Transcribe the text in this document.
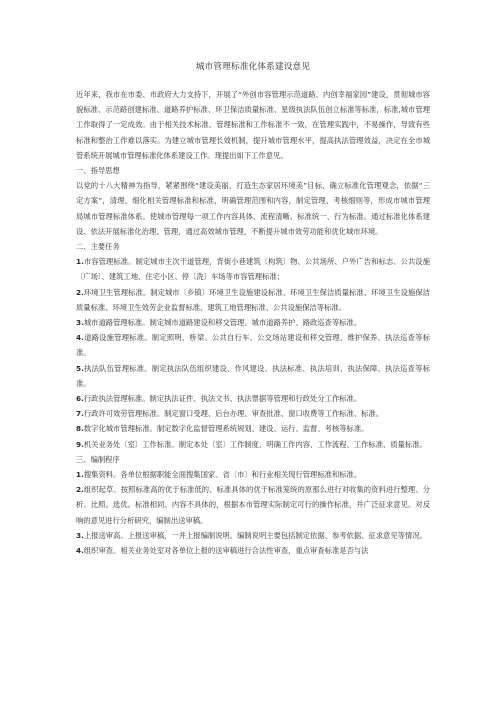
城市管理标准化体系建设意见

近年来，我市在市委、市政府大力支持下，开展了“外创市容管理示范道路、内创幸福家园”建设，贯彻城市容貌标准、示范路创建标准、道路养护标准、环卫保洁质量标准、星级执法队伍创立标准等标准，标准,城市管理工作取得了一定成效。由于相关技术标准、管理标准和工作标准不一致，在管理实践中，不易操作，导致有些标准和整治工作难以落实。为建立城市管理长效机制，提升城市管理水平，提高执法管理效益，决定在全市城管系统开展城市管理标准化体系建设工作。现提出如下工作意见。

一、指导思想

以党的十八大精神为指导，紧紧围绕“建设美丽、打造生态家居环境美”目标，确立标准化管理观念，依据“三定方案”，清理、细化相关管理标准和标准，明确管理范围和内容，制定管理、考核细则等，形成市城市管理局城市管理标准体系。使城市管理每一项工作内容具体、流程清晰、标准统一、行为标准。通过标准化体系建设、依法开展标准化治理、管理，通过高效城市管理，不断提升城市效劳功能和优化城市环境。

二、主要任务

1.市容管理标准。制定城市主次干道管理，背街小巷建筑〔构筑〕物、公共场所、户外广告和标志、公共设施〔广场〕、建筑工地、住宅小区、停〔洗〕车场等市容管理标准；

2.环境卫生管理标准。制定城市〔乡镇〕环境卫生设施建设标准、环境卫生保洁质量标准、环境卫生设施保洁质量标准、环境卫生效劳企业监督标准、建筑工地管理标准、公共设施保洁等标准。

3.城市道路管理标准。制定城市道路建设和移交管理、城市道路养护、路政巡查等标准。

4.道路设施管理标准。制定照明、桥梁、公共自行车、公交场站建设和移交管理、维护保养、执法巡查等标准。

5.执法队伍管理标准。制定执法队伍组织建设、作风建设、执法标准、执法培训、执法保障、执法巡查等标准。

6.行政执法管理标准。制定执法证件、执法文书、执法票据等管理和行政处分工作标准。

7.行政许可效劳管理标准。制定窗口受理、后台办理、审查批准、窗口收费等工作标准、标准。

8.数字化城市管理标准。制定数字化监督管理系统规划、建设、运行、监督、考核等标准。

9.机关业务处〔室〕工作标准。制定本处〔室〕工作制度、明确工作内容、工作流程、工作标准、质量标准。

三、编制程序

1.搜集资料。各单位根据职能全面搜集国家、省〔市〕和行业相关现行管理标准和标准。

2.组织起草。按照标准高的优于标准低的、标准具体的优于标准笼统的原那么进行对收集的资料进行整理、分析、比照、选优。标准相同、内容不具体的，根据本市管理实际制定可行的操作标准，并广泛征求意见。对反响的意见进行分析研究，编制出送审稿。

3.上报送审高。上报送审稿，一并上报编制说明。编制说明主要包括制定依据、参考依据、征求意见等情况。

4.组织审查。相关业务处室对各单位上报的送审稿进行合法性审查，重点审查标准是否与法
